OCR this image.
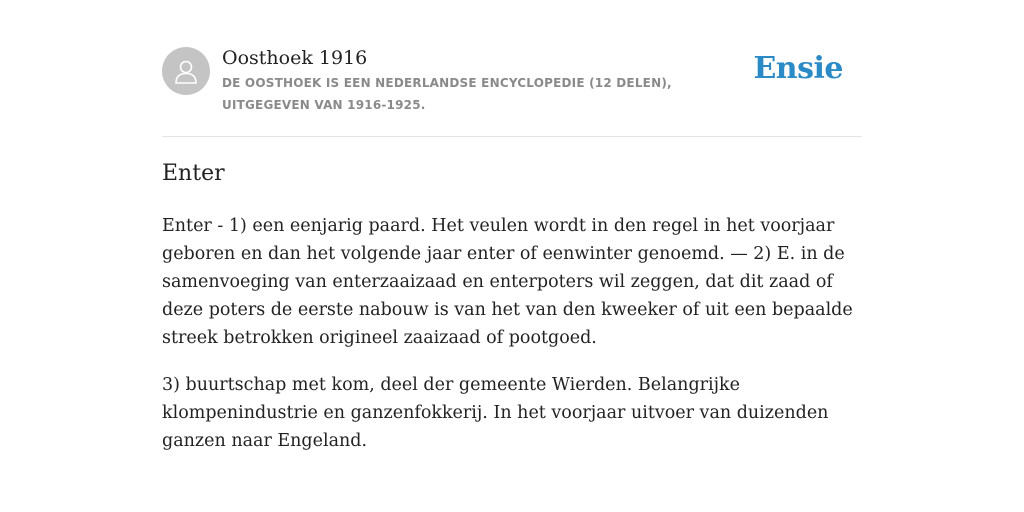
Oosthoek 1916
DE OOSTHOEK IS EEN NEDERLANDSE ENCYCLOPEDIE (12 DELEN), UITGEGEVEN VAN 1916-1925.
Ensie
Enter

Enter - 1) een eenjarig paard. Het veulen wordt in den regel in het voorjaar geboren en dan het volgende jaar enter of eenwinter genoemd. — 2) E. in de samenvoeging van enterzaaizaad en enterpoters wil zeggen, dat dit zaad of deze poters de eerste nabouw is van het van den kweeker of uit een bepaalde streek betrokken origineel zaaizaad of pootgoed.

3) buurtschap met kom, deel der gemeente Wierden. Belangrijke klompenindustrie en ganzenfokkerij. In het voorjaar uitvoer van duizenden ganzen naar Engeland.
